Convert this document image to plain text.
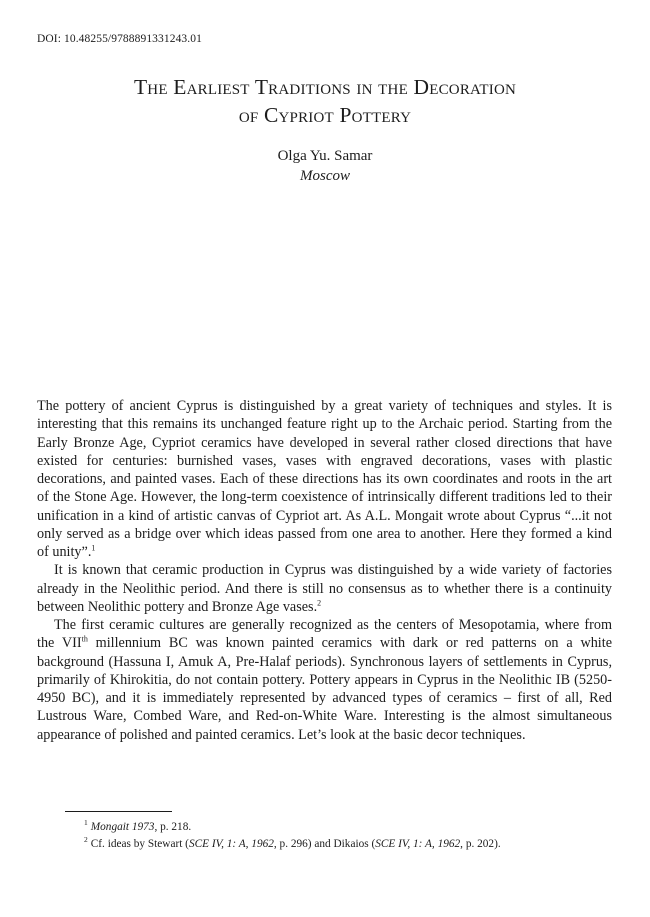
DOI: 10.48255/9788891331243.01
The Earliest Traditions in the Decoration
of Cypriot Pottery
Olga Yu. Samar
Moscow

The pottery of ancient Cyprus is distinguished by a great variety of techniques and styles. It is interesting that this remains its unchanged feature right up to the Archaic period. Starting from the Early Bronze Age, Cypriot ceramics have developed in several rather closed directions that have existed for centuries: burnished vases, vases with engraved decorations, vases with plastic decorations, and painted vases. Each of these directions has its own coordinates and roots in the art of the Stone Age. However, the long-term coexistence of intrinsically different traditions led to their unification in a kind of artistic canvas of Cypriot art. As A.L. Mongait wrote about Cyprus “...it not only served as a bridge over which ideas passed from one area to another. Here they formed a kind of unity”.$^1$

It is known that ceramic production in Cyprus was distinguished by a wide variety of factories already in the Neolithic period. And there is still no consensus as to whether there is a continuity between Neolithic pottery and Bronze Age vases.$^2$

The first ceramic cultures are generally recognized as the centers of Mesopotamia, where from the VIIth millennium BC was known painted ceramics with dark or red patterns on a white background (Hassuna I, Amuk A, Pre-Halaf periods). Synchronous layers of settlements in Cyprus, primarily of Khirokitia, do not contain pottery. Pottery appears in Cyprus in the Neolithic IB (5250-4950 BC), and it is immediately represented by advanced types of ceramics – first of all, Red Lustrous Ware, Combed Ware, and Red-on-White Ware. Interesting is the almost simultaneous appearance of polished and painted ceramics. Let’s look at the basic decor techniques.

$^1$ Mongait 1973, p. 218.
$^2$ Cf. ideas by Stewart (SCE IV, 1: A, 1962, p. 296) and Dikaios (SCE IV, 1: A, 1962, p. 202).
